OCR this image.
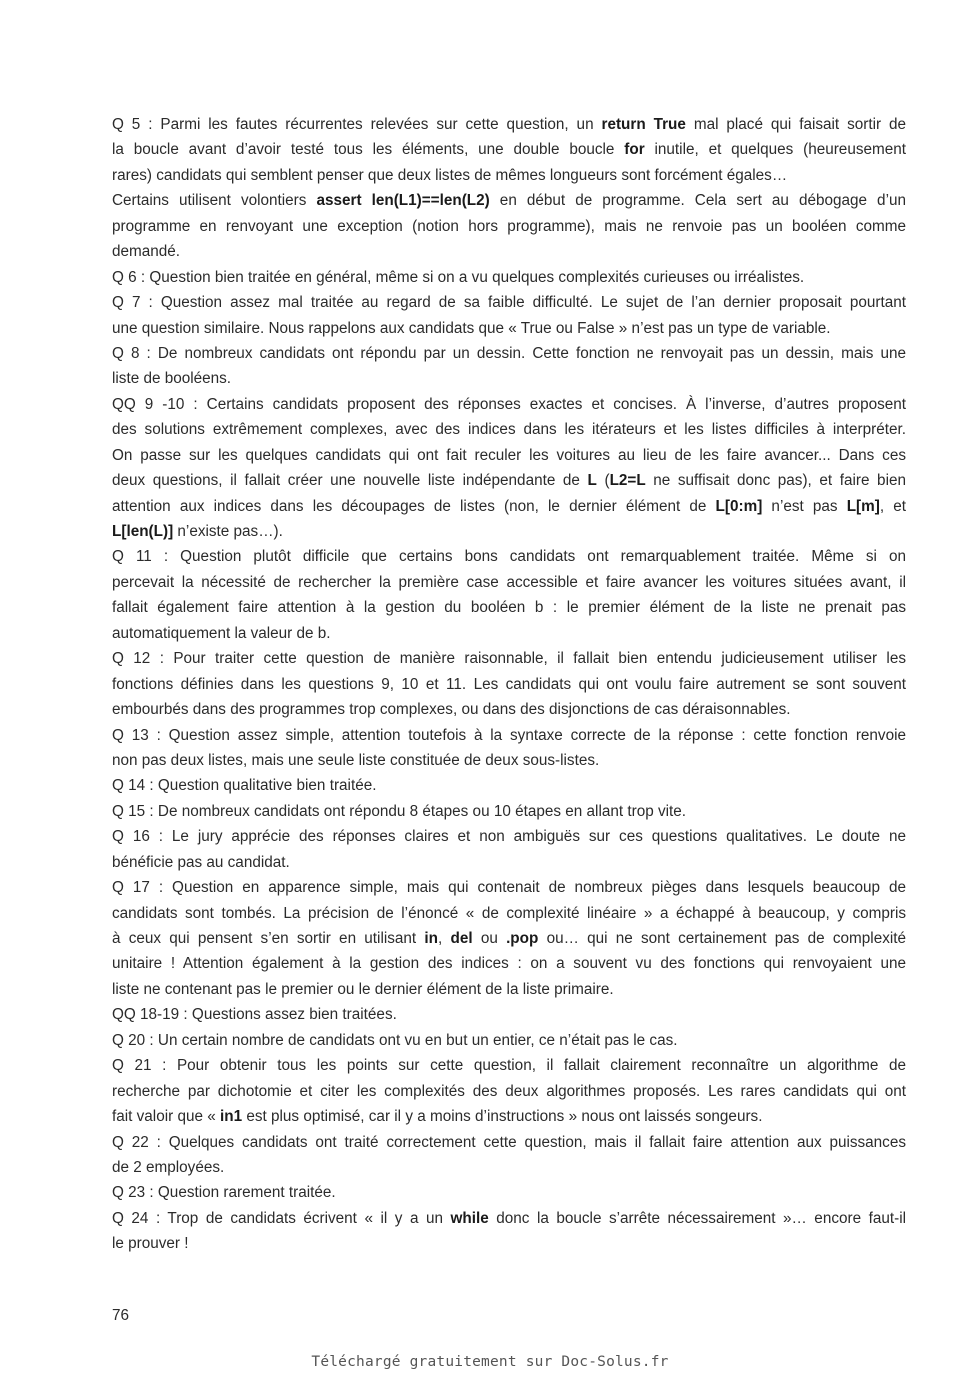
Q 5 : Parmi les fautes récurrentes relevées sur cette question, un return True mal placé qui faisait sortir de
la boucle avant d’avoir testé tous les éléments, une double boucle for inutile, et quelques (heureusement
rares) candidats qui semblent penser que deux listes de mêmes longueurs sont forcément égales…
Certains utilisent volontiers assert len(L1)==len(L2) en début de programme. Cela sert au débogage d’un
programme en renvoyant une exception (notion hors programme), mais ne renvoie pas un booléen comme
demandé.
Q 6 : Question bien traitée en général, même si on a vu quelques complexités curieuses ou irréalistes.
Q 7 : Question assez mal traitée au regard de sa faible difficulté. Le sujet de l’an dernier proposait pourtant
une question similaire. Nous rappelons aux candidats que « True ou False » n’est pas un type de variable.
Q 8 : De nombreux candidats ont répondu par un dessin. Cette fonction ne renvoyait pas un dessin, mais une
liste de booléens.
QQ 9 -10 : Certains candidats proposent des réponses exactes et concises. À l’inverse, d’autres proposent
des solutions extrêmement complexes, avec des indices dans les itérateurs et les listes difficiles à interpréter.
On passe sur les quelques candidats qui ont fait reculer les voitures au lieu de les faire avancer... Dans ces
deux questions, il fallait créer une nouvelle liste indépendante de L (L2=L ne suffisait donc pas), et faire bien
attention aux indices dans les découpages de listes (non, le dernier élément de L[0:m] n’est pas L[m], et
L[len(L)] n’existe pas…).
Q 11 : Question plutôt difficile que certains bons candidats ont remarquablement traitée. Même si on
percevait la nécessité de rechercher la première case accessible et faire avancer les voitures situées avant, il
fallait également faire attention à la gestion du booléen b : le premier élément de la liste ne prenait pas
automatiquement la valeur de b.
Q 12 : Pour traiter cette question de manière raisonnable, il fallait bien entendu judicieusement utiliser les
fonctions définies dans les questions 9, 10 et 11. Les candidats qui ont voulu faire autrement se sont souvent
embourbés dans des programmes trop complexes, ou dans des disjonctions de cas déraisonnables.
Q 13 : Question assez simple, attention toutefois à la syntaxe correcte de la réponse : cette fonction renvoie
non pas deux listes, mais une seule liste constituée de deux sous-listes.
Q 14 : Question qualitative bien traitée.
Q 15 : De nombreux candidats ont répondu 8 étapes ou 10 étapes en allant trop vite.
Q 16 : Le jury apprécie des réponses claires et non ambiguës sur ces questions qualitatives. Le doute ne
bénéficie pas au candidat.
Q 17 : Question en apparence simple, mais qui contenait de nombreux pièges dans lesquels beaucoup de
candidats sont tombés. La précision de l’énoncé « de complexité linéaire » a échappé à beaucoup, y compris
à ceux qui pensent s’en sortir en utilisant in, del ou .pop ou… qui ne sont certainement pas de complexité
unitaire ! Attention également à la gestion des indices : on a souvent vu des fonctions qui renvoyaient une
liste ne contenant pas le premier ou le dernier élément de la liste primaire.
QQ 18-19 : Questions assez bien traitées.
Q 20 : Un certain nombre de candidats ont vu en but un entier, ce n’était pas le cas.
Q 21 : Pour obtenir tous les points sur cette question, il fallait clairement reconnaître un algorithme de
recherche par dichotomie et citer les complexités des deux algorithmes proposés. Les rares candidats qui ont
fait valoir que « in1 est plus optimisé, car il y a moins d’instructions » nous ont laissés songeurs.
Q 22 : Quelques candidats ont traité correctement cette question, mais il fallait faire attention aux puissances
de 2 employées.
Q 23 : Question rarement traitée.
Q 24 : Trop de candidats écrivent « il y a un while donc la boucle s’arrête nécessairement »… encore faut-il
le prouver !
76
Téléchargé gratuitement sur Doc-Solus.fr
